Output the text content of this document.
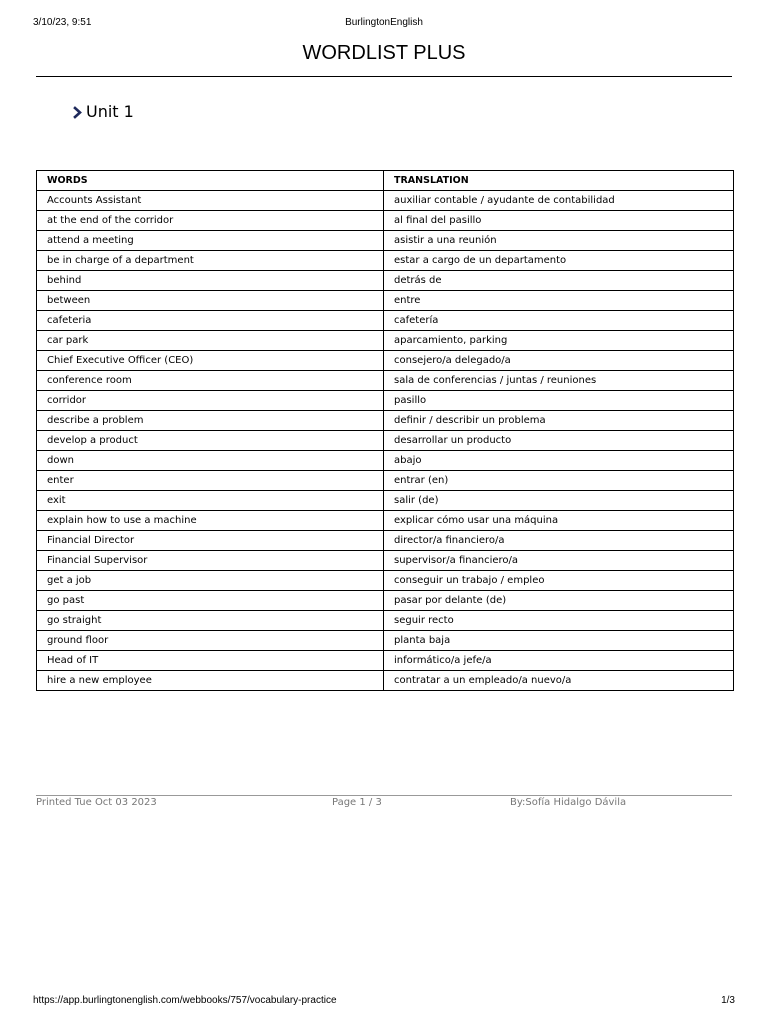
3/10/23, 9:51	BurlingtonEnglish
WORDLIST PLUS
Unit 1
WORDS	TRANSLATION
Accounts Assistant	auxiliar contable / ayudante de contabilidad
at the end of the corridor	al final del pasillo
attend a meeting	asistir a una reunión
be in charge of a department	estar a cargo de un departamento
behind	detrás de
between	entre
cafeteria	cafetería
car park	aparcamiento, parking
Chief Executive Officer (CEO)	consejero/a delegado/a
conference room	sala de conferencias / juntas / reuniones
corridor	pasillo
describe a problem	definir / describir un problema
develop a product	desarrollar un producto
down	abajo
enter	entrar (en)
exit	salir (de)
explain how to use a machine	explicar cómo usar una máquina
Financial Director	director/a financiero/a
Financial Supervisor	supervisor/a financiero/a
get a job	conseguir un trabajo / empleo
go past	pasar por delante (de)
go straight	seguir recto
ground floor	planta baja
Head of IT	informático/a jefe/a
hire a new employee	contratar a un empleado/a nuevo/a
Printed Tue Oct 03 2023	Page 1 / 3	By:Sofía Hidalgo Dávila
https://app.burlingtonenglish.com/webbooks/757/vocabulary-practice	1/3
